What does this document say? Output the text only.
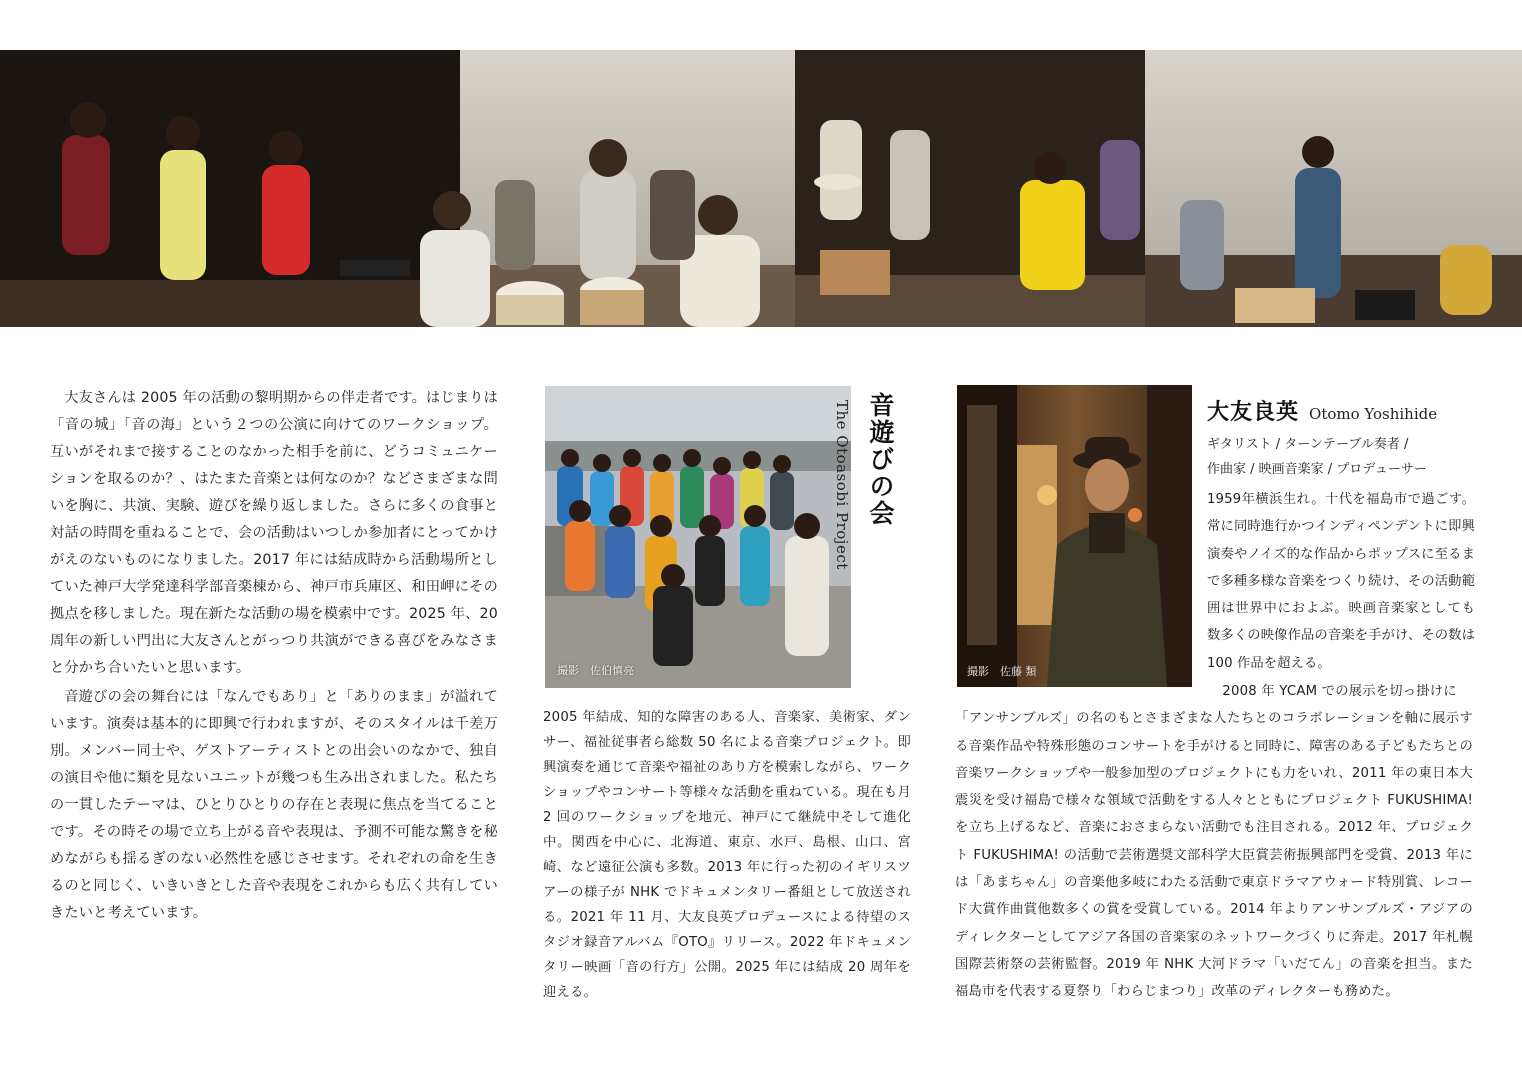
大友さんは 2005 年の活動の黎明期からの伴走者です。はじまりは「音の城」「音の海」という２つの公演に向けてのワークショップ。互いがそれまで接することのなかった相手を前に、どうコミュニケーションを取るのか？、はたまた音楽とは何なのか？などさまざまな問いを胸に、共演、実験、遊びを繰り返しました。さらに多くの食事と対話の時間を重ねることで、会の活動はいつしか参加者にとってかけがえのないものになりました。2017 年には結成時から活動場所としていた神戸大学発達科学部音楽棟から、神戸市兵庫区、和田岬にその拠点を移しました。現在新たな活動の場を模索中です。2025 年、20 周年の新しい門出に大友さんとがっつり共演ができる喜びをみなさまと分かち合いたいと思います。

音遊びの会の舞台には「なんでもあり」と「ありのまま」が溢れています。演奏は基本的に即興で行われますが、そのスタイルは千差万別。メンバー同士や、ゲストアーティストとの出会いのなかで、独自の演目や他に類を見ないユニットが幾つも生み出されました。私たちの一貫したテーマは、ひとりひとりの存在と表現に焦点を当てることです。その時その場で立ち上がる音や表現は、予測不可能な驚きを秘めながらも揺るぎのない必然性を感じさせます。それぞれの命を生きるのと同じく、いきいきとした音や表現をこれからも広く共有していきたいと考えています。

撮影　佐伯慎亮
音遊びの会
The Otoasobi Project

2005 年結成、知的な障害のある人、音楽家、美術家、ダンサー、福祉従事者ら総数 50 名による音楽プロジェクト。即興演奏を通じて音楽や福祉のあり方を模索しながら、ワークショップやコンサート等様々な活動を重ねている。現在も月 2 回のワークショップを地元、神戸にて継続中そして進化中。関西を中心に、北海道、東京、水戸、島根、山口、宮崎、など遠征公演も多数。2013 年に行った初のイギリスツアーの様子が NHK でドキュメンタリー番組として放送される。2021 年 11 月、大友良英プロデュースによる待望のスタジオ録音アルバム『OTO』リリース。2022 年ドキュメンタリー映画「音の行方」公開。2025 年には結成 20 周年を迎える。

撮影　佐藤 類
大友良英 Otomo Yoshihide
ギタリスト / ターンテーブル奏者 /
作曲家 / 映画音楽家 / プロデューサー

1959年横浜生れ。十代を福島市で過ごす。常に同時進行かつインディペンデントに即興演奏やノイズ的な作品からポップスに至るまで多種多様な音楽をつくり続け、その活動範囲は世界中におよぶ。映画音楽家としても数多くの映像作品の音楽を手がけ、その数は 100 作品を超える。

2008 年 YCAM での展示を切っ掛けに

「アンサンブルズ」の名のもとさまざまな人たちとのコラボレーションを軸に展示する音楽作品や特殊形態のコンサートを手がけると同時に、障害のある子どもたちとの音楽ワークショップや一般参加型のプロジェクトにも力をいれ、2011 年の東日本大震災を受け福島で様々な領域で活動をする人々とともにプロジェクト FUKUSHIMA! を立ち上げるなど、音楽におさまらない活動でも注目される。2012 年、プロジェクト FUKUSHIMA! の活動で芸術選奨文部科学大臣賞芸術振興部門を受賞、2013 年には「あまちゃん」の音楽他多岐にわたる活動で東京ドラマアウォード特別賞、レコード大賞作曲賞他数多くの賞を受賞している。2014 年よりアンサンブルズ・アジアのディレクターとしてアジア各国の音楽家のネットワークづくりに奔走。2017 年札幌国際芸術祭の芸術監督。2019 年 NHK 大河ドラマ「いだてん」の音楽を担当。また福島市を代表する夏祭り「わらじまつり」改革のディレクターも務めた。
